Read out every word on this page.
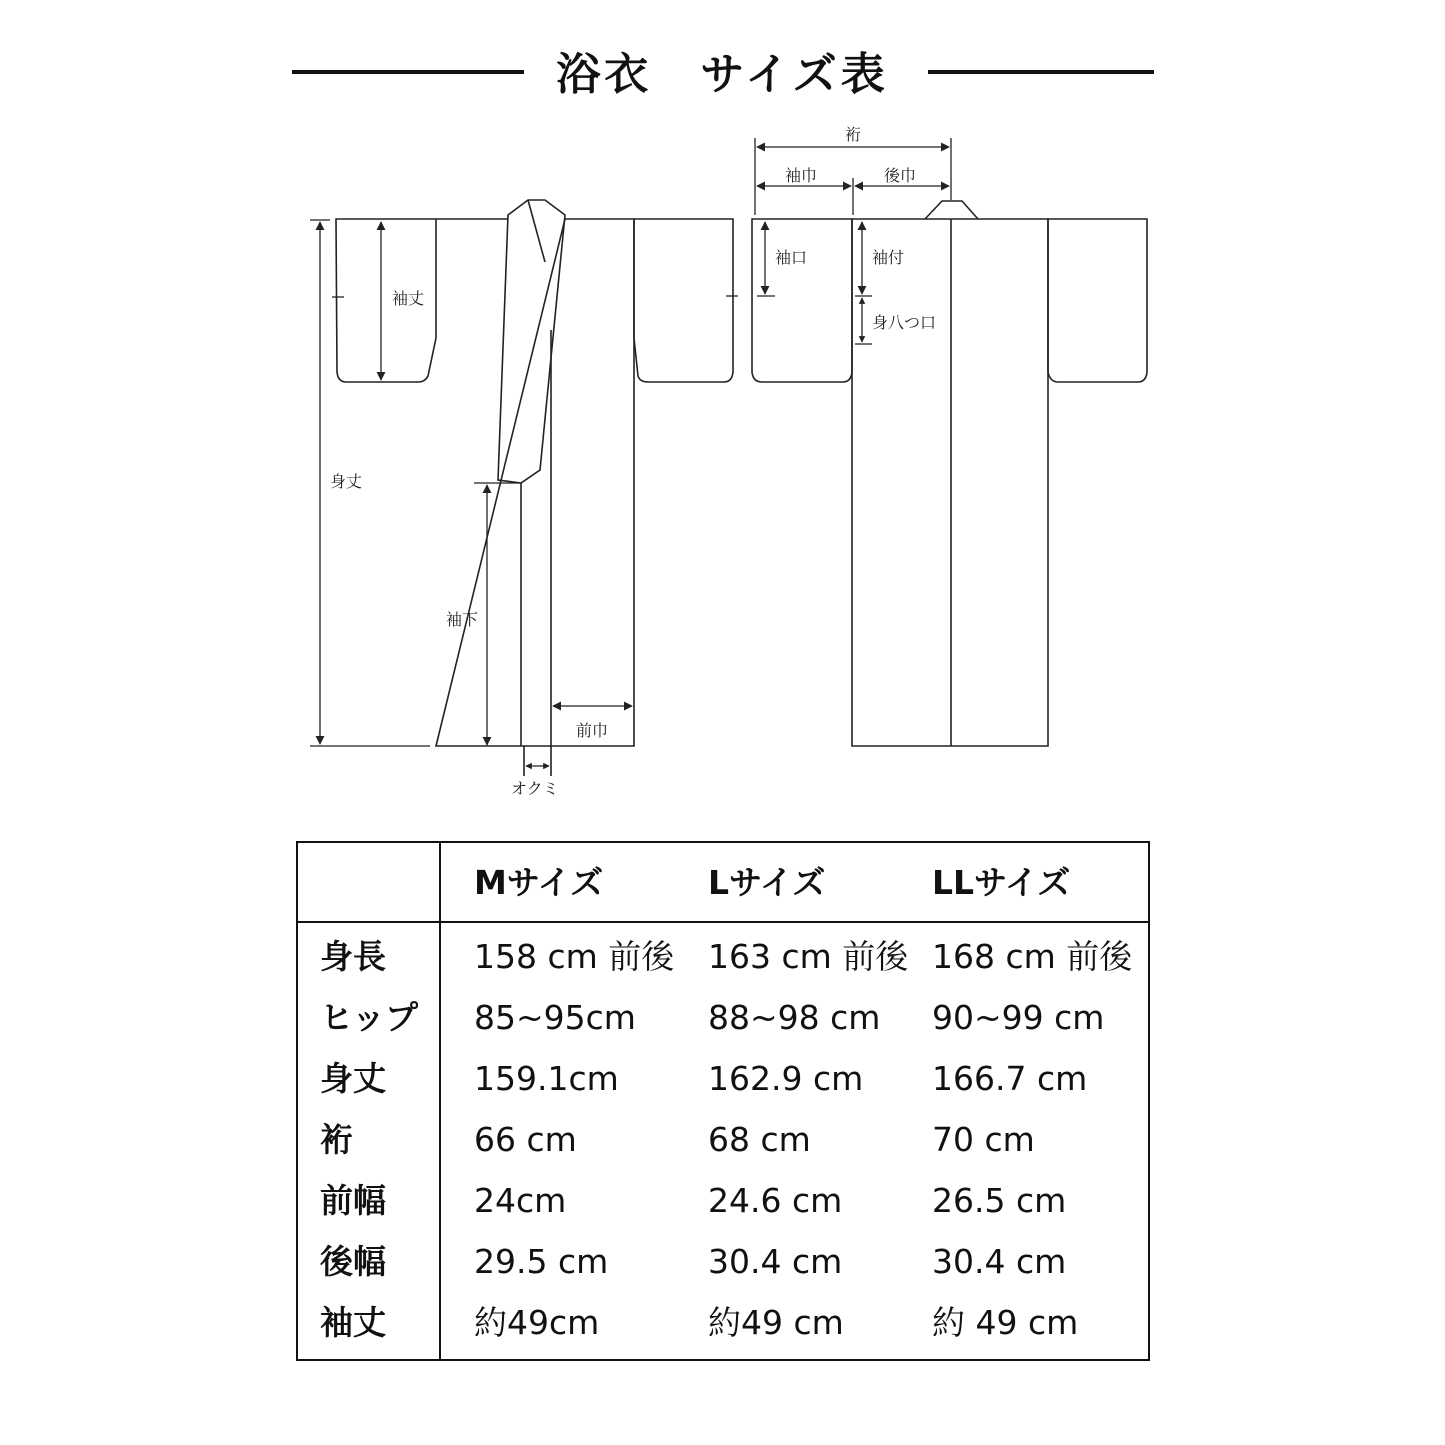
浴衣　サイズ表
袖丈
身丈
袖下
前巾
オクミ
裄
袖巾	後巾
袖口	袖付
身八つ口
Mサイズ	Lサイズ	LLサイズ
身長	158 cm 前後 163 cm 前後 168 cm 前後
ヒップ 85~95cm 88~98 cm 90~99 cm
身丈	159.1cm	162.9 cm 166.7 cm
裄	66 cm	68 cm	70 cm
前幅	24cm	24.6 cm	26.5 cm
後幅	29.5 cm	30.4 cm	30.4 cm
袖丈	約49cm	約49 cm	約 49 cm
